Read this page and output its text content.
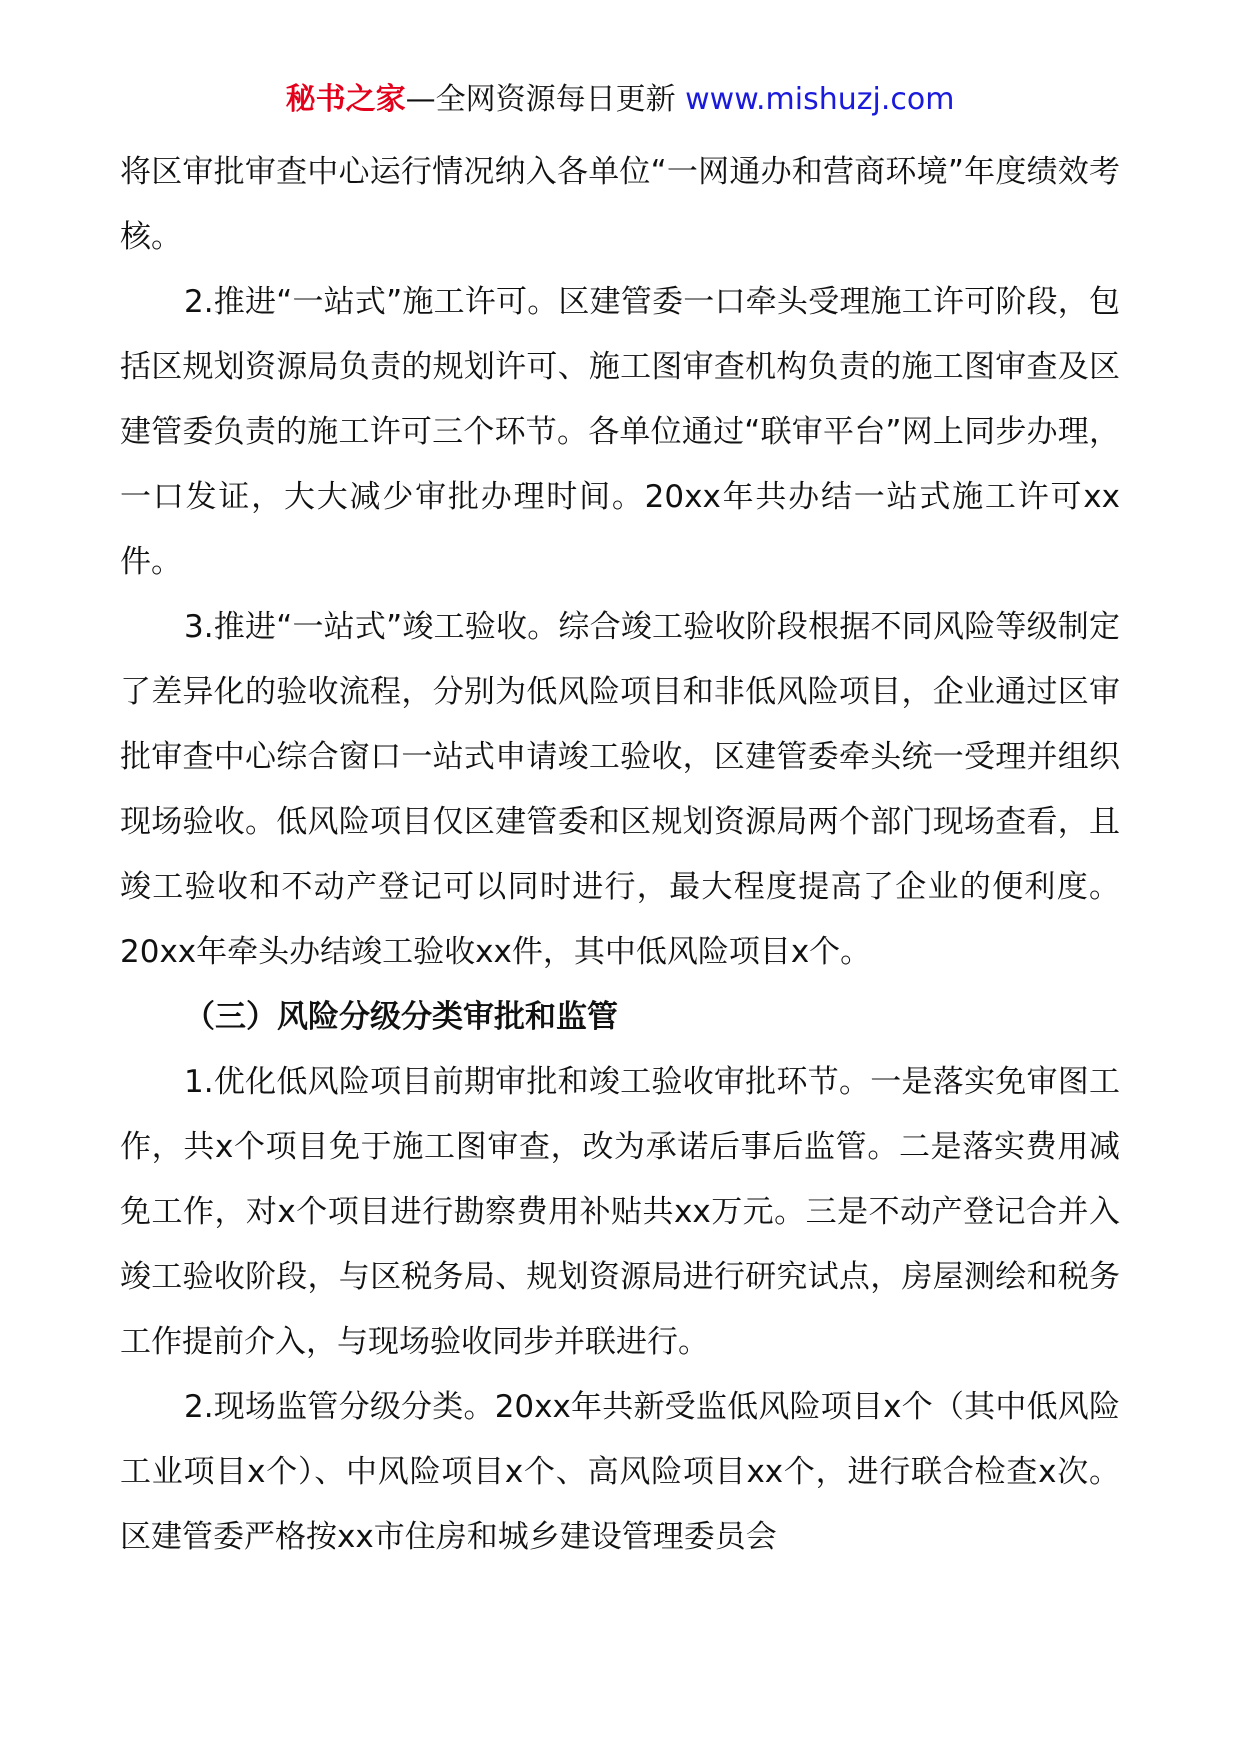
秘书之家—全网资源每日更新 www.mishuzj.com

将区审批审查中心运行情况纳入各单位“一网通办和营商环境”年度绩效考核。

2.推进“一站式”施工许可。区建管委一口牵头受理施工许可阶段，包括区规划资源局负责的规划许可、施工图审查机构负责的施工图审查及区建管委负责的施工许可三个环节。各单位通过“联审平台”网上同步办理，一口发证，大大减少审批办理时间。20xx年共办结一站式施工许可xx件。

3.推进“一站式”竣工验收。综合竣工验收阶段根据不同风险等级制定了差异化的验收流程，分别为低风险项目和非低风险项目，企业通过区审批审查中心综合窗口一站式申请竣工验收，区建管委牵头统一受理并组织现场验收。低风险项目仅区建管委和区规划资源局两个部门现场查看，且竣工验收和不动产登记可以同时进行，最大程度提高了企业的便利度。20xx年牵头办结竣工验收xx件，其中低风险项目x个。

（三）风险分级分类审批和监管

1.优化低风险项目前期审批和竣工验收审批环节。一是落实免审图工作，共x个项目免于施工图审查，改为承诺后事后监管。二是落实费用减免工作，对x个项目进行勘察费用补贴共xx万元。三是不动产登记合并入竣工验收阶段，与区税务局、规划资源局进行研究试点，房屋测绘和税务工作提前介入，与现场验收同步并联进行。

2.现场监管分级分类。20xx年共新受监低风险项目x个（其中低风险工业项目x个）、中风险项目x个、高风险项目xx个，进行联合检查x次。区建管委严格按xx市住房和城乡建设管理委员会
